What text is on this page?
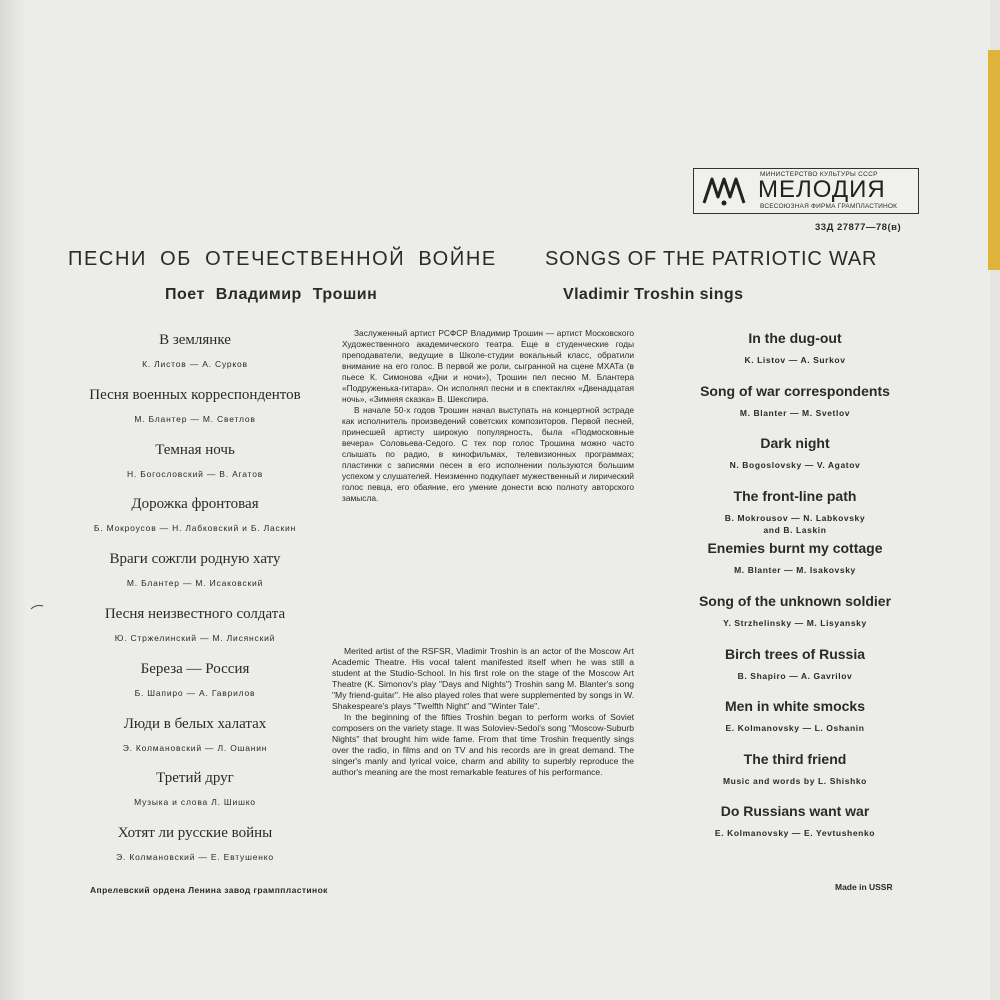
МИНИСТЕРСТВО КУЛЬТУРЫ СССР
МЕЛОДИЯ
ВСЕСОЮЗНАЯ ФИРМА ГРАМПЛАСТИНОК
33Д 27877—78(в)
ПЕСНИ ОБ ОТЕЧЕСТВЕННОЙ ВОЙНЕ SONGS OF THE PATRIOTIC WAR
Поет Владимир Трошин	Vladimir Troshin sings
В землянке
К. Листов — А. Сурков
Песня военных корреспондентов
М. Блантер — М. Светлов
Темная ночь
Н. Богословский — В. Агатов
Дорожка фронтовая
Б. Мокроусов — Н. Лабковский и Б. Ласкин
Враги сожгли родную хату
М. Блантер — М. Исаковский
Песня неизвестного солдата
Ю. Стржелинский — М. Лисянский
Береза — Россия
Б. Шапиро — А. Гаврилов
Люди в белых халатах
Э. Колмановский — Л. Ошанин
Третий друг
Музыка и слова Л. Шишко
Хотят ли русские войны
Э. Колмановский — Е. Евтушенко
In the dug-out
K. Listov — A. Surkov
Song of war correspondents
M. Blanter — M. Svetlov
Dark night
N. Bogoslovsky — V. Agatov
The front-line path
B. Mokrousov — N. Labkovsky
and B. Laskin
Enemies burnt my cottage
M. Blanter — M. Isakovsky
Song of the unknown soldier
Y. Strzhelinsky — M. Lisyansky
Birch trees of Russia
B. Shapiro — A. Gavrilov
Men in white smocks
E. Kolmanovsky — L. Oshanin
The third friend
Music and words by L. Shishko
Do Russians want war
E. Kolmanovsky — E. Yevtushenko

Заслуженный артист РСФСР Владимир Трошин — артист Московского Художественного академического театра. Еще в студенческие годы преподаватели, ведущие в Школе-студии вокальный класс, обратили внимание на его голос. В первой же роли, сыгранной на сцене МХАТа (в пьесе К. Симонова «Дни и ночи»), Трошин пел песню М. Блантера «Подруженька-гитара». Он исполнял песни и в спектаклях «Двенадцатая ночь», «Зимняя сказка» В. Шекспира.

В начале 50-х годов Трошин начал выступать на концертной эстраде как исполнитель произведений советских композиторов. Первой песней, принесшей артисту широкую популярность, была «Подмосковные вечера» Соловьева-Седого. С тех пор голос Трошина можно часто слышать по радио, в кинофильмах, телевизионных программах; пластинки с записями песен в его исполнении пользуются большим успехом у слушателей. Неизменно подкупает мужественный и лирический голос певца, его обаяние, его умение донести всю полноту авторского замысла.

Merited artist of the RSFSR, Vladimir Troshin is an actor of the Moscow Art Academic Theatre. His vocal talent manifested itself when he was still a student at the Studio-School. In his first role on the stage of the Moscow Art Theatre (K. Simonov's play "Days and Nights") Troshin sang M. Blanter's song "My friend-guitar". He also played roles that were supplemented by songs in W. Shakespeare's plays "Twelfth Night" and "Winter Tale".

In the beginning of the fifties Troshin began to perform works of Soviet composers on the variety stage. It was Soloviev-Sedoi's song "Moscow-Suburb Nights" that brought him wide fame. From that time Troshin frequently sings over the radio, in films and on TV and his records are in great demand. The singer's manly and lyrical voice, charm and ability to superbly reproduce the author's meaning are the most remarkable features of his performance.

Апрелевский ордена Ленина завод грамппластинок	Made in USSR
